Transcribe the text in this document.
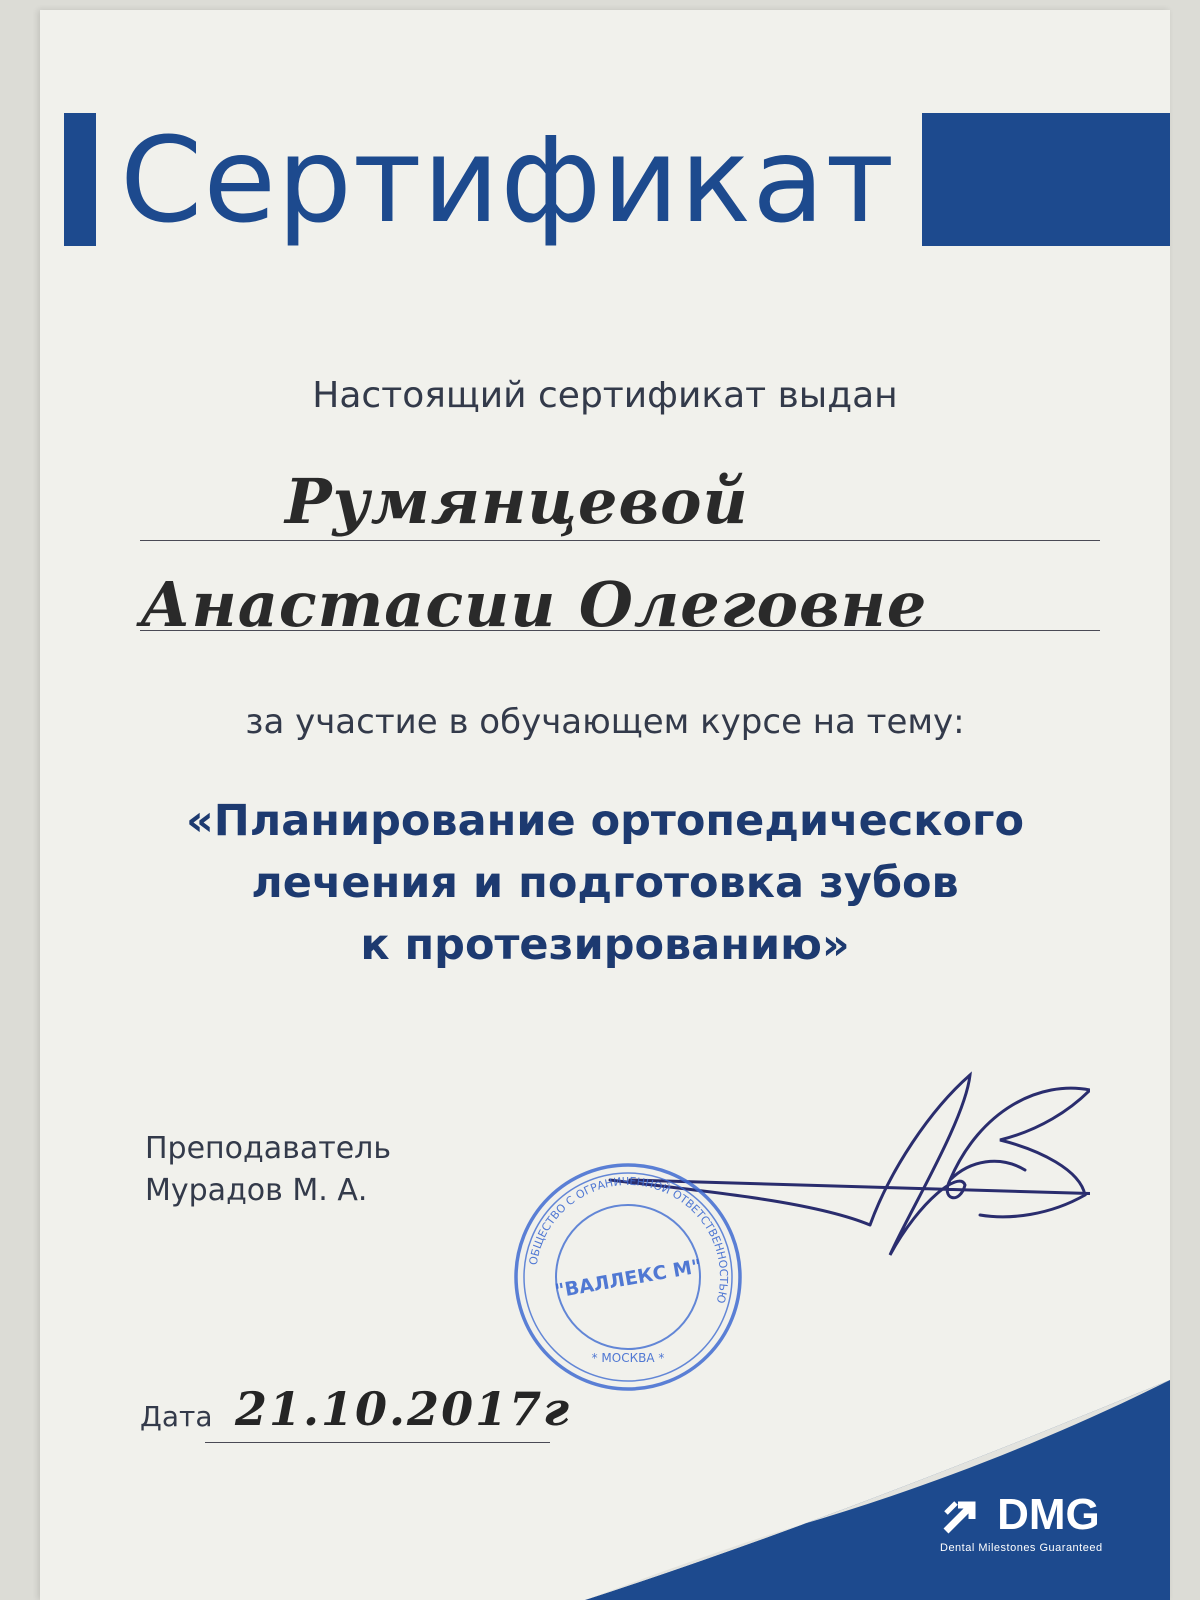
Сертификат
Настоящий сертификат выдан
Румянцевой
Анастасии Олеговне
за участие в обучающем курсе на тему:
«Планирование ортопедического
лечения и подготовка зубов
к протезированию»
Преподаватель
Мурадов М. А.
ОБЩЕСТВО С ОГРАНИЧЕННОЙ ОТВЕТСТВЕННОСТЬЮ
"ВАЛЛЕКС М"
* МОСКВА *
Дата 21.10.2017г
DMG
Dental Milestones Guaranteed
